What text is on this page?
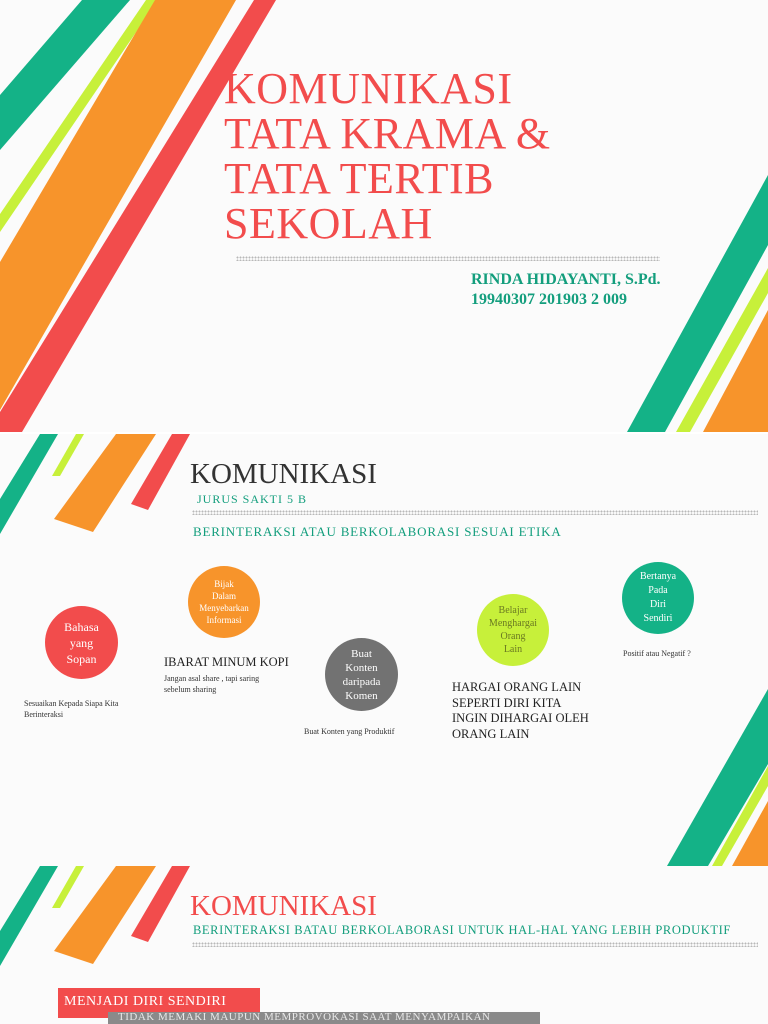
KOMUNIKASI
TATA KRAMA &
TATA TERTIB
SEKOLAH
RINDA HIDAYANTI, S.Pd.
19940307 201903 2 009
KOMUNIKASI
JURUS SAKTI 5 B
BERINTERAKSI ATAU BERKOLABORASI SESUAI ETIKA
Bahasa
yang
Sopan
Sesuaikan Kepada Siapa Kita
Berinteraksi
Bijak
Dalam
Menyebarkan
Informasi
IBARAT MINUM KOPI
Jangan asal share , tapi saring
sebelum sharing
Buat
Konten
daripada
Komen
Buat Konten yang Produktif
Belajar
Menghargai
Orang
Lain
HARGAI ORANG LAIN
SEPERTI DIRI KITA
INGIN DIHARGAI OLEH
ORANG LAIN
Bertanya
Pada
Diri
Sendiri
Positif atau Negatif ?
KOMUNIKASI
BERINTERAKSI BATAU BERKOLABORASI UNTUK HAL-HAL YANG LEBIH PRODUKTIF
MENJADI DIRI SENDIRI
TIDAK MEMAKI MAUPUN MEMPROVOKASI SAAT MENYAMPAIKAN
